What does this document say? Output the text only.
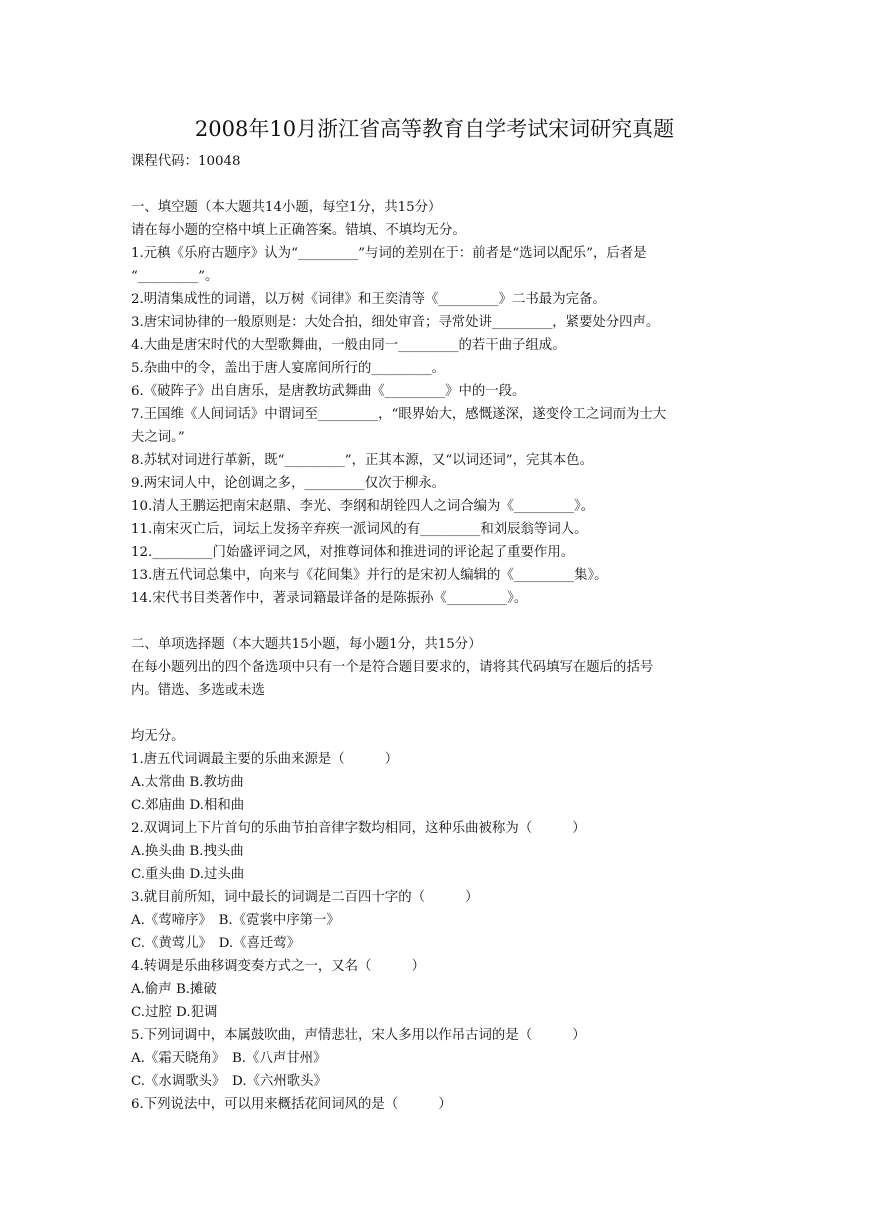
2008年10月浙江省高等教育自学考试宋词研究真题
课程代码：10048
一、填空题（本大题共14小题，每空1分，共15分）
请在每小题的空格中填上正确答案。错填、不填均无分。
1.元稹《乐府古题序》认为“_________”与词的差别在于：前者是“选词以配乐”，后者是
“_________”。
2.明清集成性的词谱，以万树《词律》和王奕清等《_________》二书最为完备。
3.唐宋词协律的一般原则是：大处合拍，细处审音；寻常处讲_________，紧要处分四声。
4.大曲是唐宋时代的大型歌舞曲，一般由同一_________的若干曲子组成。
5.杂曲中的令，盖出于唐人宴席间所行的_________。
6.《破阵子》出自唐乐，是唐教坊武舞曲《_________》中的一段。
7.王国维《人间词话》中谓词至_________，“眼界始大，感慨遂深，遂变伶工之词而为士大
夫之词。”
8.苏轼对词进行革新，既“_________”，正其本源，又“以词还词”，完其本色。
9.两宋词人中，论创调之多，_________仅次于柳永。
10.清人王鹏运把南宋赵鼎、李光、李纲和胡铨四人之词合编为《_________》。
11.南宋灭亡后，词坛上发扬辛弃疾一派词风的有_________和刘辰翁等词人。
12._________门始盛评词之风，对推尊词体和推进词的评论起了重要作用。
13.唐五代词总集中，向来与《花间集》并行的是宋初人编辑的《_________集》。
14.宋代书目类著作中，著录词籍最详备的是陈振孙《_________》。
二、单项选择题（本大题共15小题，每小题1分，共15分）
在每小题列出的四个备选项中只有一个是符合题目要求的，请将其代码填写在题后的括号
内。错选、多选或未选
均无分。
1.唐五代词调最主要的乐曲来源是（　　　）
A.太常曲 B.教坊曲
C.郊庙曲 D.相和曲
2.双调词上下片首句的乐曲节拍音律字数均相同，这种乐曲被称为（　　　）
A.换头曲 B.拽头曲
C.重头曲 D.过头曲
3.就目前所知，词中最长的词调是二百四十字的（　　　）
A.《莺啼序》　B.《霓裳中序第一》
C.《黄莺儿》　D.《喜迁莺》
4.转调是乐曲移调变奏方式之一，又名（　　　）
A.偷声 B.摊破
C.过腔 D.犯调
5.下列词调中，本属鼓吹曲，声情悲壮，宋人多用以作吊古词的是（　　　）
A.《霜天晓角》　B.《八声甘州》
C.《水调歌头》　D.《六州歌头》
6.下列说法中，可以用来概括花间词风的是（　　　）
